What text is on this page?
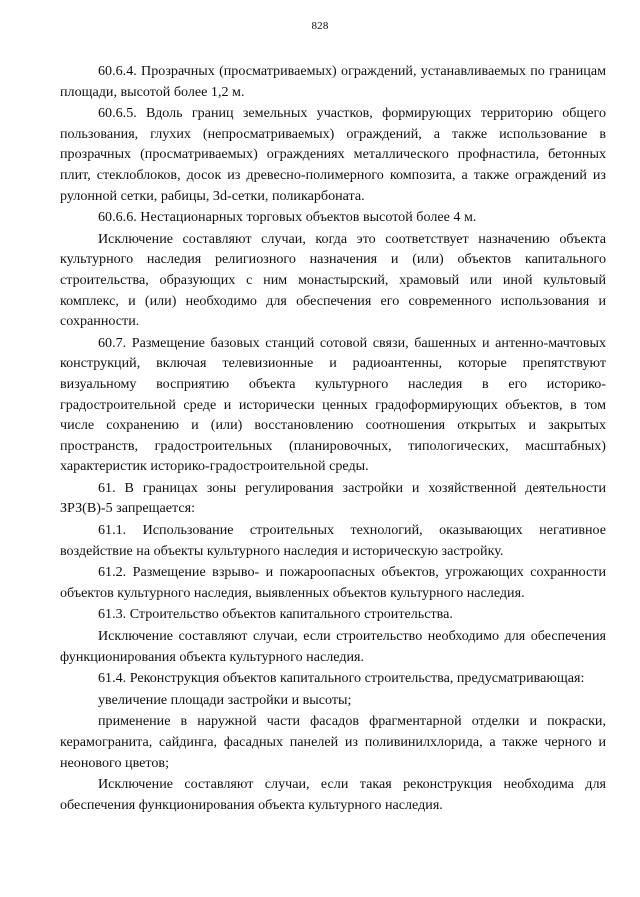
828

60.6.4. Прозрачных (просматриваемых) ограждений, устанавливаемых по границам площади, высотой более 1,2 м.

60.6.5. Вдоль границ земельных участков, формирующих территорию общего пользования, глухих (непросматриваемых) ограждений, а также использование в прозрачных (просматриваемых) ограждениях металлического профнастила, бетонных плит, стеклоблоков, досок из древесно-полимерного композита, а также ограждений из рулонной сетки, рабицы, 3d-сетки, поликарбоната.

60.6.6. Нестационарных торговых объектов высотой более 4 м.

Исключение составляют случаи, когда это соответствует назначению объекта культурного наследия религиозного назначения и (или) объектов капитального строительства, образующих с ним монастырский, храмовый или иной культовый комплекс, и (или) необходимо для обеспечения его современного использования и сохранности.

60.7. Размещение базовых станций сотовой связи, башенных и антенно-мачтовых конструкций, включая телевизионные и радиоантенны, которые препятствуют визуальному восприятию объекта культурного наследия в его историко-градостроительной среде и исторически ценных градоформирующих объектов, в том числе сохранению и (или) восстановлению соотношения открытых и закрытых пространств, градостроительных (планировочных, типологических, масштабных) характеристик историко-градостроительной среды.

61. В границах зоны регулирования застройки и хозяйственной деятельности ЗРЗ(В)-5 запрещается:

61.1. Использование строительных технологий, оказывающих негативное воздействие на объекты культурного наследия и историческую застройку.

61.2. Размещение взрыво- и пожароопасных объектов, угрожающих сохранности объектов культурного наследия, выявленных объектов культурного наследия.

61.3. Строительство объектов капитального строительства.

Исключение составляют случаи, если строительство необходимо для обеспечения функционирования объекта культурного наследия.

61.4. Реконструкция объектов капитального строительства, предусматривающая:

увеличение площади застройки и высоты;

применение в наружной части фасадов фрагментарной отделки и покраски, керамогранита, сайдинга, фасадных панелей из поливинилхлорида, а также черного и неонового цветов;

Исключение составляют случаи, если такая реконструкция необходима для обеспечения функционирования объекта культурного наследия.
